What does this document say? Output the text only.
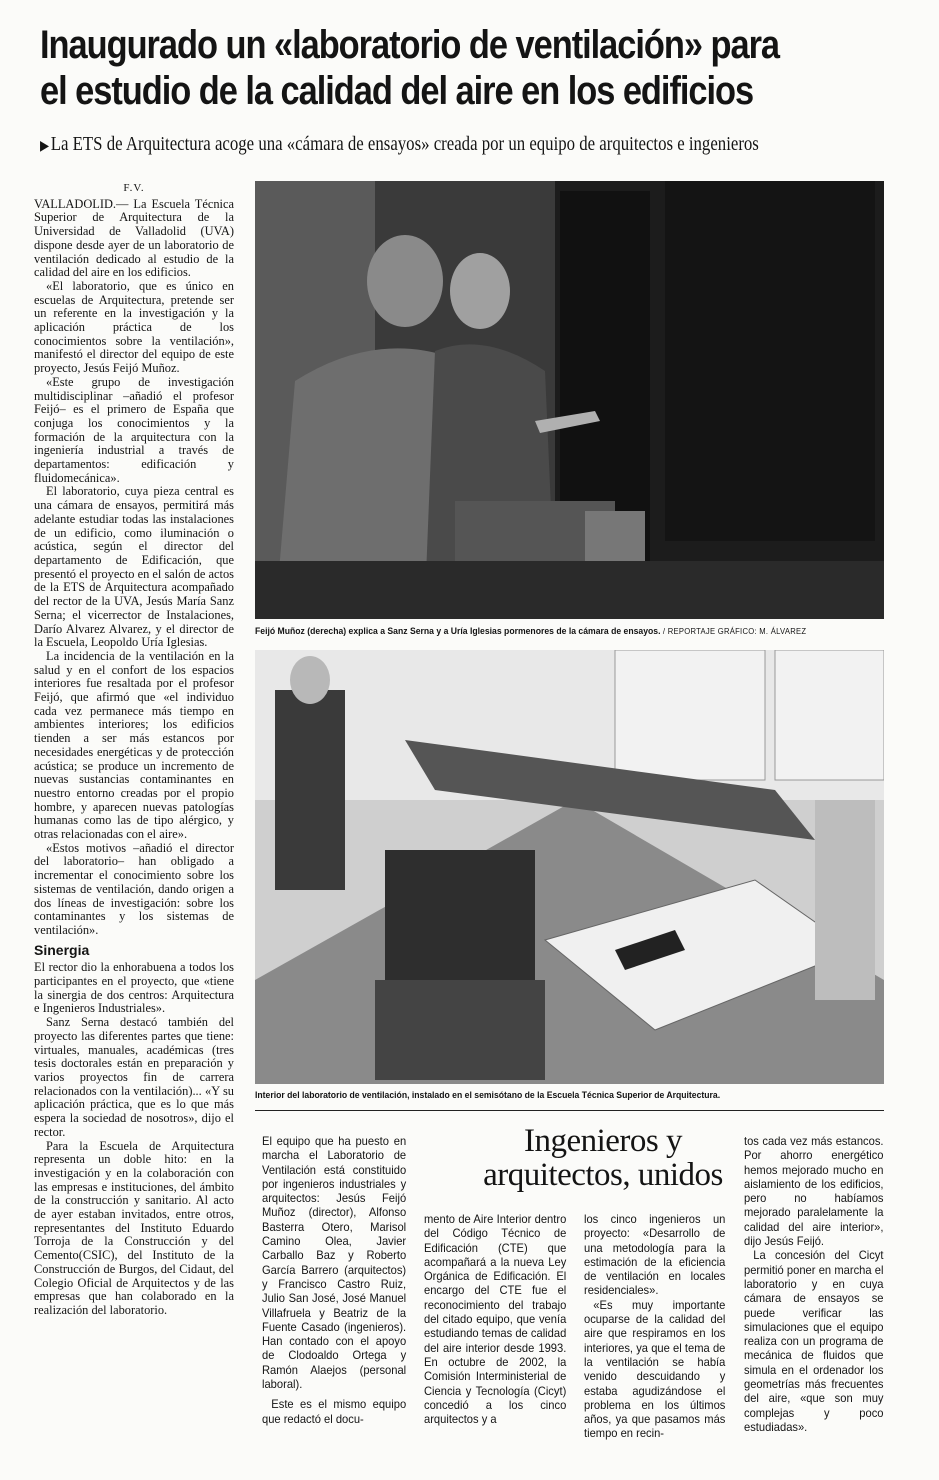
Inaugurado un «laboratorio de ventilación» para
el estudio de la calidad del aire en los edificios
▶La ETS de Arquitectura acoge una «cámara de ensayos» creada por un equipo de arquitectos e ingenieros
F.V.

VALLADOLID.— La Escuela Técnica Superior de Arquitectura de la Universidad de Valladolid (UVA) dispone desde ayer de un laboratorio de ventilación dedicado al estudio de la calidad del aire en los edificios.

«El laboratorio, que es único en escuelas de Arquitectura, pretende ser un referente en la investigación y la aplicación práctica de los conocimientos sobre la ventilación», manifestó el director del equipo de este proyecto, Jesús Feijó Muñoz.

«Este grupo de investigación multidisciplinar –añadió el profesor Feijó– es el primero de España que conjuga los conocimientos y la formación de la arquitectura con la ingeniería industrial a través de departamentos: edificación y fluidomecánica».

El laboratorio, cuya pieza central es una cámara de ensayos, permitirá más adelante estudiar todas las instalaciones de un edificio, como iluminación o acústica, según el director del departamento de Edificación, que presentó el proyecto en el salón de actos de la ETS de Arquitectura acompañado del rector de la UVA, Jesús María Sanz Serna; el vicerrector de Instalaciones, Darío Alvarez Alvarez, y el director de la Escuela, Leopoldo Uría Iglesias.

La incidencia de la ventilación en la salud y en el confort de los espacios interiores fue resaltada por el profesor Feijó, que afirmó que «el individuo cada vez permanece más tiempo en ambientes interiores; los edificios tienden a ser más estancos por necesidades energéticas y de protección acústica; se produce un incremento de nuevas sustancias contaminantes en nuestro entorno creadas por el propio hombre, y aparecen nuevas patologías humanas como las de tipo alérgico, y otras relacionadas con el aire».

«Estos motivos –añadió el director del laboratorio– han obligado a incrementar el conocimiento sobre los sistemas de ventilación, dando origen a dos líneas de investigación: sobre los contaminantes y los sistemas de ventilación».

Sinergia

El rector dio la enhorabuena a todos los participantes en el proyecto, que «tiene la sinergia de dos centros: Arquitectura e Ingenieros Industriales».

Sanz Serna destacó también del proyecto las diferentes partes que tiene: virtuales, manuales, académicas (tres tesis doctorales están en preparación y varios proyectos fin de carrera relacionados con la ventilación)... «Y su aplicación práctica, que es lo que más espera la sociedad de nosotros», dijo el rector.

Para la Escuela de Arquitectura representa un doble hito: en la investigación y en la colaboración con las empresas e instituciones, del ámbito de la construcción y sanitario. Al acto de ayer estaban invitados, entre otros, representantes del Instituto Eduardo Torroja de la Construcción y del Cemento(CSIC), del Instituto de la Construcción de Burgos, del Cidaut, del Colegio Oficial de Arquitectos y de las empresas que han colaborado en la realización del laboratorio.

Feijó Muñoz (derecha) explica a Sanz Serna y a Uría Iglesias pormenores de la cámara de ensayos. / REPORTAJE GRÁFICO: M. ÁLVAREZ
Interior del laboratorio de ventilación, instalado en el semisótano de la Escuela Técnica Superior de Arquitectura.
Ingenieros y
arquitectos, unidos

El equipo que ha puesto en marcha el Laboratorio de Ventilación está constituido por ingenieros industriales y arquitectos: Jesús Feijó Muñoz (director), Alfonso Basterra Otero, Marisol Camino Olea, Javier Carballo Baz y Roberto García Barrero (arquitectos) y Francisco Castro Ruiz, Julio San José, José Manuel Villafruela y Beatriz de la Fuente Casado (ingenieros). Han contado con el apoyo de Clodoaldo Ortega y Ramón Alaejos (personal laboral).

Este es el mismo equipo que redactó el docu-

mento de Aire Interior dentro del Código Técnico de Edificación (CTE) que acompañará a la nueva Ley Orgánica de Edificación. El encargo del CTE fue el reconocimiento del trabajo del citado equipo, que venía estudiando temas de calidad del aire interior desde 1993. En octubre de 2002, la Comisión Interministerial de Ciencia y Tecnología (Cicyt) concedió a los cinco arquitectos y a

los cinco ingenieros un proyecto: «Desarrollo de una metodología para la estimación de la eficiencia de ventilación en locales residenciales».

«Es muy importante ocuparse de la calidad del aire que respiramos en los interiores, ya que el tema de la ventilación se había venido descuidando y estaba agudizándose el problema en los últimos años, ya que pasamos más tiempo en recin-

tos cada vez más estancos. Por ahorro energético hemos mejorado mucho en aislamiento de los edificios, pero no habíamos mejorado paralelamente la calidad del aire interior», dijo Jesús Feijó.

La concesión del Cicyt permitió poner en marcha el laboratorio y en cuya cámara de ensayos se puede verificar las simulaciones que el equipo realiza con un programa de mecánica de fluidos que simula en el ordenador los geometrías más frecuentes del aire, «que son muy complejas y poco estudiadas».
